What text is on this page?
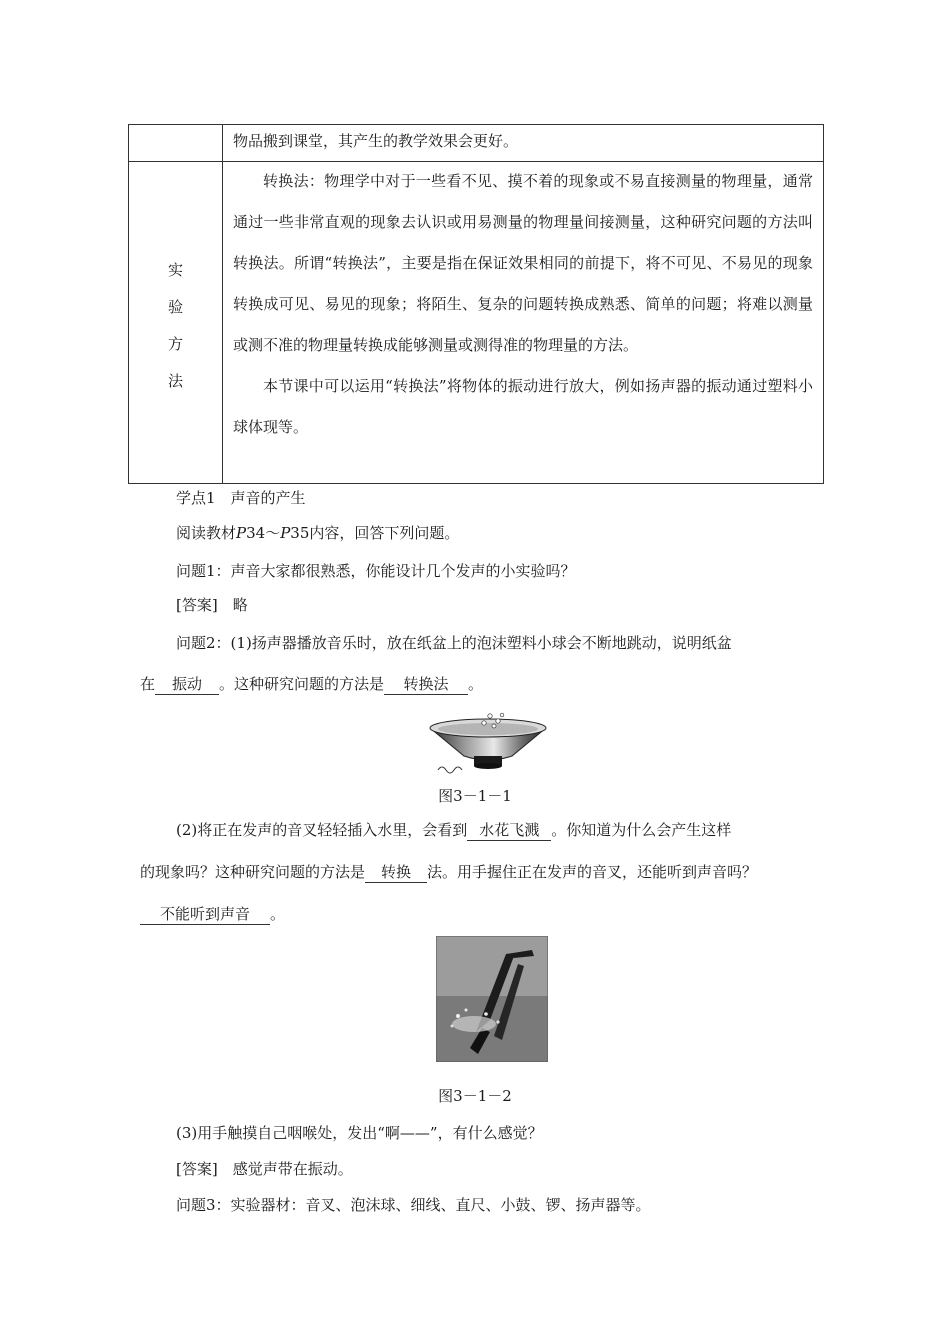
物品搬到课堂，其产生的教学效果会更好。
实
验
方
法

转换法：物理学中对于一些看不见、摸不着的现象或不易直接测量的物理量，通常通过一些非常直观的现象去认识或用易测量的物理量间接测量，这种研究问题的方法叫转换法。所谓“转换法”，主要是指在保证效果相同的前提下，将不可见、不易见的现象转换成可见、易见的现象；将陌生、复杂的问题转换成熟悉、简单的问题；将难以测量或测不准的物理量转换成能够测量或测得准的物理量的方法。

本节课中可以运用“转换法”将物体的振动进行放大，例如扬声器的振动通过塑料小球体现等。

学点1　声音的产生
阅读教材P34～P35内容，回答下列问题。
问题1：声音大家都很熟悉，你能设计几个发声的小实验吗？
[答案]　略
问题2：(1)扬声器播放音乐时，放在纸盆上的泡沫塑料小球会不断地跳动，说明纸盆
在 振动 。这种研究问题的方法是 转换法 。
图3－1－1
(2)将正在发声的音叉轻轻插入水里，会看到 水花飞溅 。你知道为什么会产生这样
的现象吗？这种研究问题的方法是 转换 法。用手握住正在发声的音叉，还能听到声音吗？
不能听到声音 。
图3－1－2
(3)用手触摸自己咽喉处，发出“啊——”，有什么感觉？
[答案]　感觉声带在振动。
问题3：实验器材：音叉、泡沫球、细线、直尺、小鼓、锣、扬声器等。
